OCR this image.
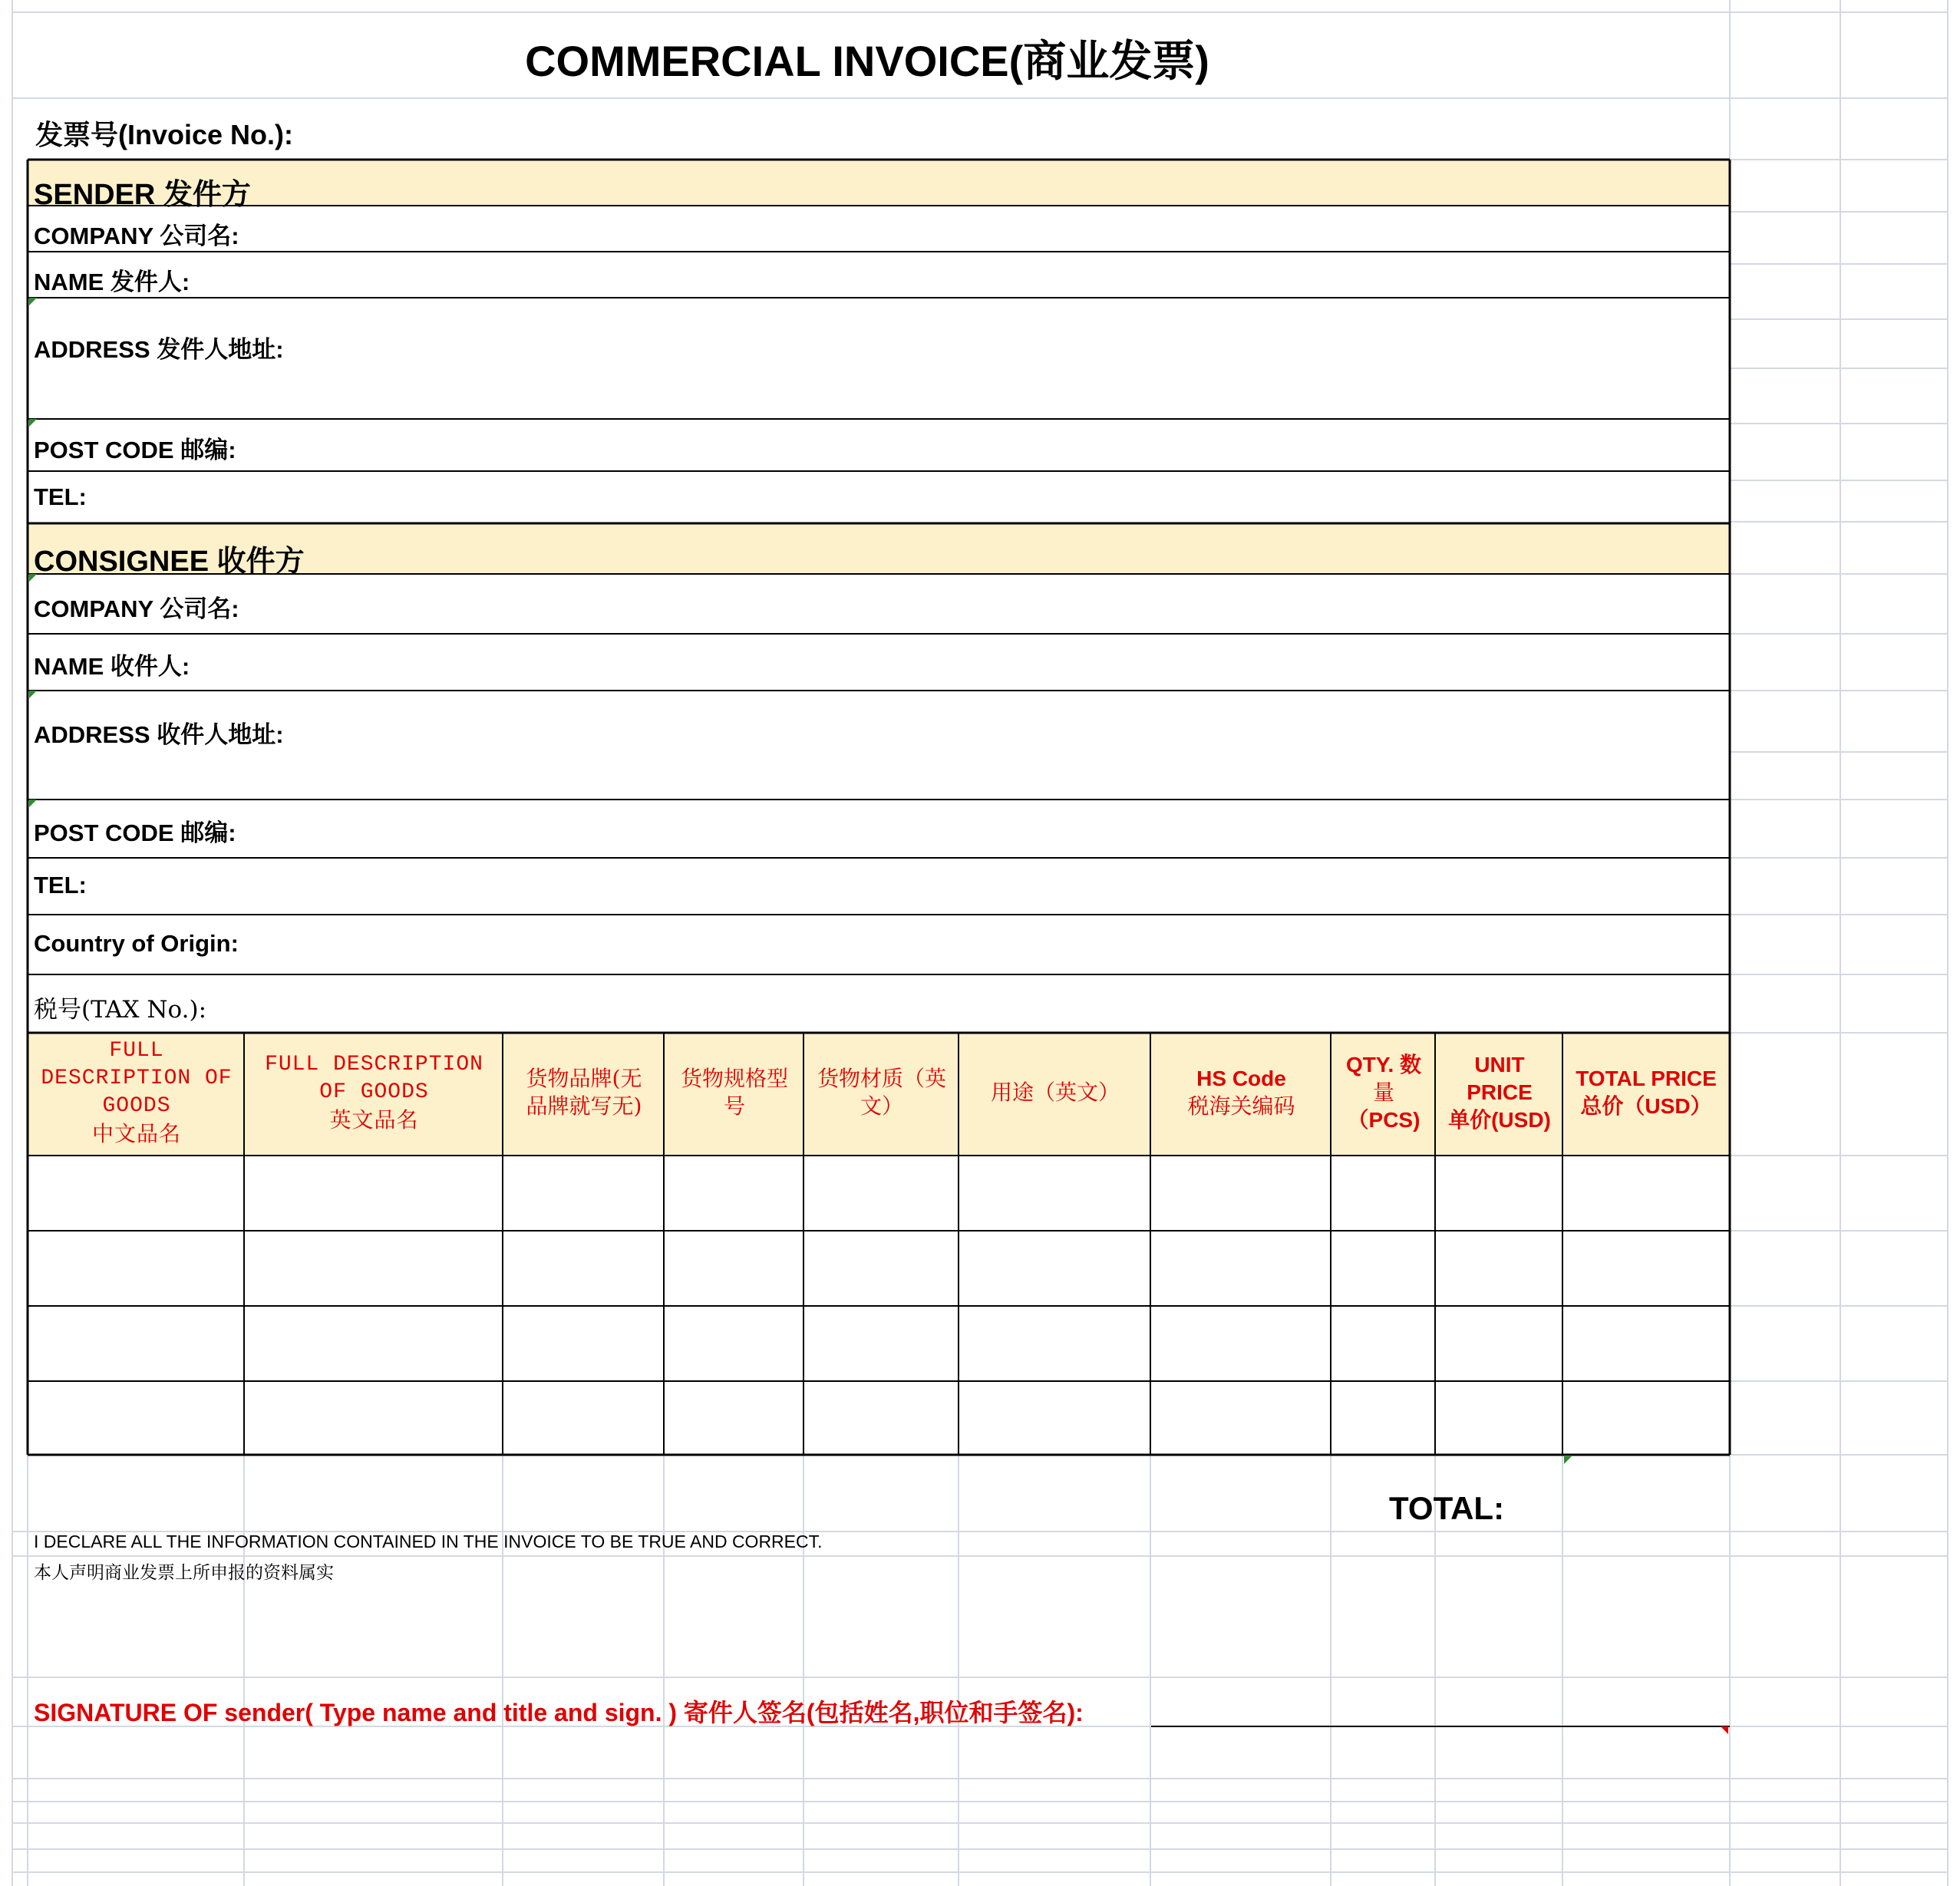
COMMERCIAL INVOICE(商业发票)
发票号(Invoice No.):
SENDER 发件方
COMPANY 公司名:
NAME 发件人:
ADDRESS 发件人地址:
POST CODE 邮编:
TEL:
CONSIGNEE 收件方
COMPANY 公司名:
NAME 收件人:
ADDRESS 收件人地址:
POST CODE 邮编:
TEL:
Country of Origin:
税号(TAX No.):
FULL
DESCRIPTION OF
GOODS
中文品名
FULL DESCRIPTION
OF GOODS
英文品名
货物品牌(无
品牌就写无)
货物规格型
号
货物材质（英
文）
用途（英文）
HS Code
税海关编码
QTY. 数
量
（PCS)
UNIT
PRICE
单价(USD)
TOTAL PRICE
总价（USD）
TOTAL:
I DECLARE ALL THE INFORMATION CONTAINED IN THE INVOICE TO BE TRUE AND CORRECT.
本人声明商业发票上所申报的资料属实
SIGNATURE OF sender( Type name and title and sign. ) 寄件人签名(包括姓名,职位和手签名):
